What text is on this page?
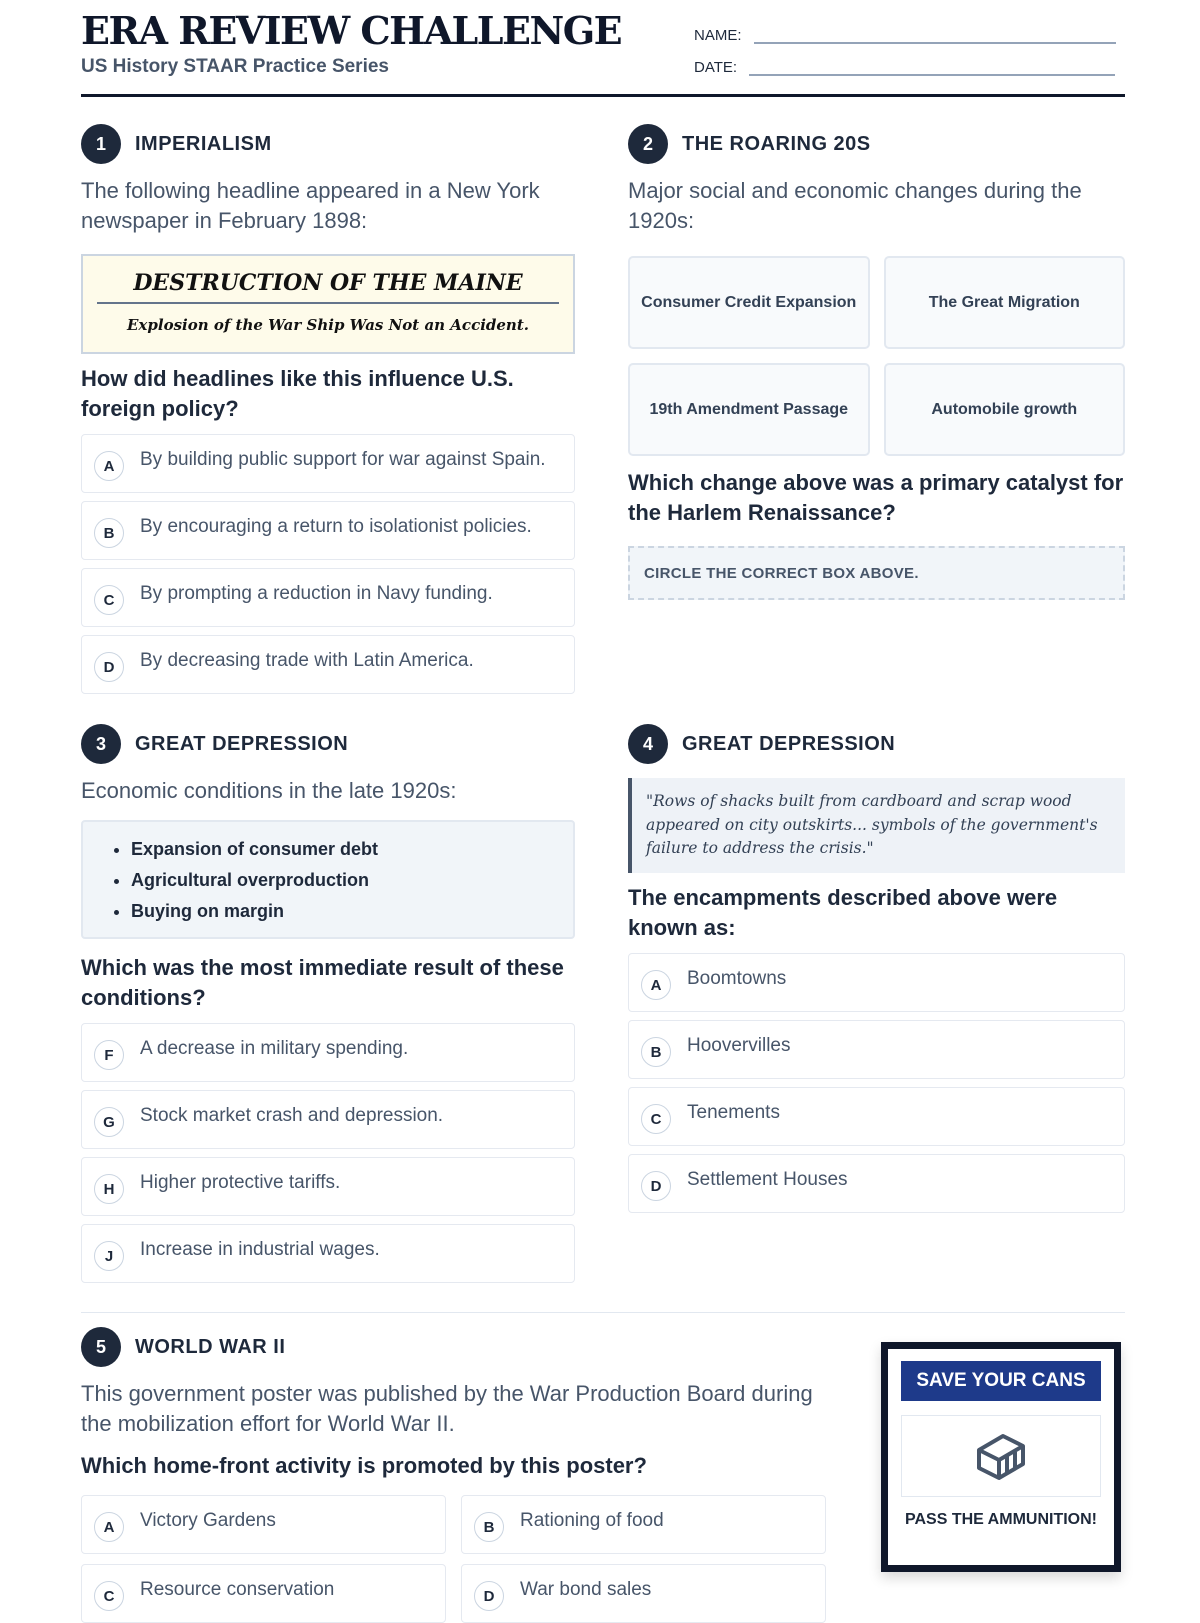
ERA REVIEW CHALLENGE
US History STAAR Practice Series
NAME:
DATE:
1	IMPERIALISM
The following headline appeared in a New York newspaper in February 1898:
DESTRUCTION OF THE MAINE
Explosion of the War Ship Was Not an Accident.
How did headlines like this influence U.S. foreign policy?
A	By building public support for war against Spain.
B	By encouraging a return to isolationist policies.
C	By prompting a reduction in Navy funding.
D	By decreasing trade with Latin America.
2	THE ROARING 20S
Major social and economic changes during the 1920s:
Consumer Credit Expansion	The Great Migration
19th Amendment Passage	Automobile growth
Which change above was a primary catalyst for the Harlem Renaissance?
CIRCLE THE CORRECT BOX ABOVE.
3	GREAT DEPRESSION
Economic conditions in the late 1920s:
• Expansion of consumer debt
• Agricultural overproduction
• Buying on margin
Which was the most immediate result of these conditions?
F	A decrease in military spending.
G	Stock market crash and depression.
H	Higher protective tariffs.
J	Increase in industrial wages.
4	GREAT DEPRESSION
"Rows of shacks built from cardboard and scrap wood appeared on city outskirts... symbols of the government's failure to address the crisis."
The encampments described above were known as:
A	Boomtowns
B	Hoovervilles
C	Tenements
D	Settlement Houses
5	WORLD WAR II
This government poster was published by the War Production Board during the mobilization effort for World War II.
Which home-front activity is promoted by this poster?
A	Victory Gardens	B	Rationing of food
C	Resource conservation	D	War bond sales
SAVE YOUR CANS
PASS THE AMMUNITION!
